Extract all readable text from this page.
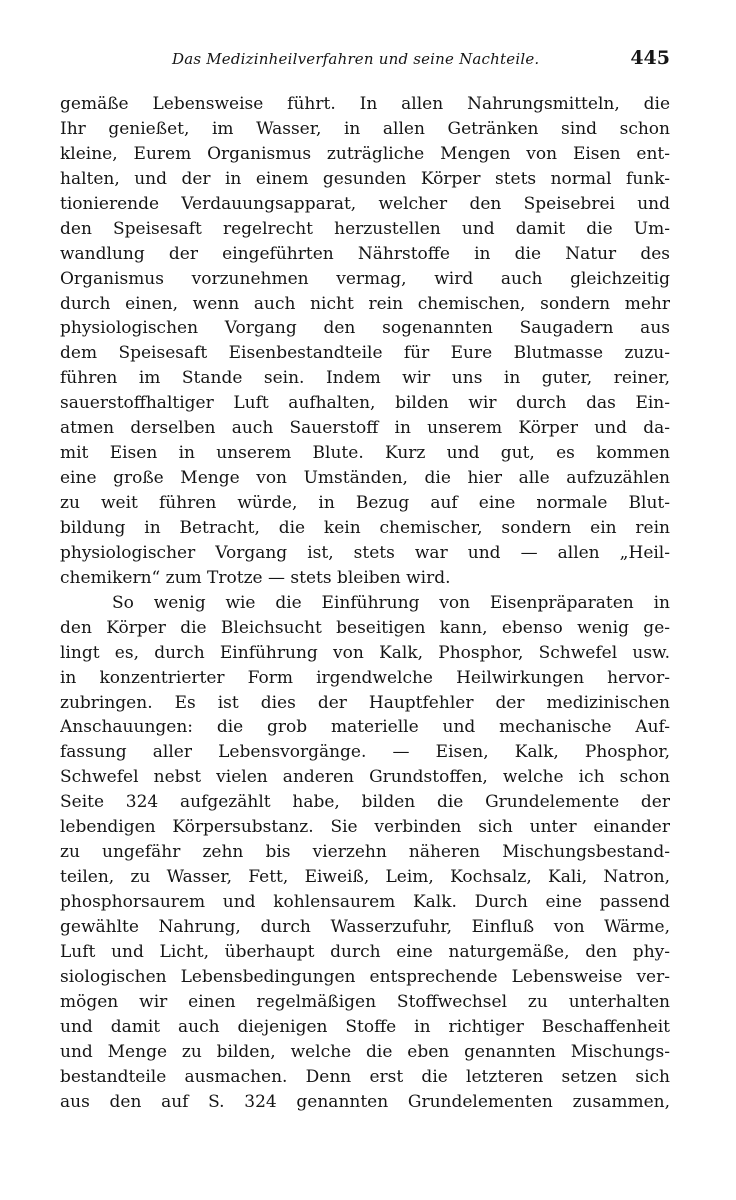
Das Medizinheilverfahren und seine Nachteile.	445
gemäße Lebensweise führt. In allen Nahrungsmitteln, die
Ihr genießet, im Wasser, in allen Getränken sind schon
kleine, Eurem Organismus zuträgliche Mengen von Eisen ent-
halten, und der in einem gesunden Körper stets normal funk-
tionierende Verdauungsapparat, welcher den Speisebrei und
den Speisesaft regelrecht herzustellen und damit die Um-
wandlung der eingeführten Nährstoffe in die Natur des
Organismus vorzunehmen vermag, wird auch gleichzeitig
durch einen, wenn auch nicht rein chemischen, sondern mehr
physiologischen Vorgang den sogenannten Saugadern aus
dem Speisesaft Eisenbestandteile für Eure Blutmasse zuzu-
führen im Stande sein. Indem wir uns in guter, reiner,
sauerstoffhaltiger Luft aufhalten, bilden wir durch das Ein-
atmen derselben auch Sauerstoff in unserem Körper und da-
mit Eisen in unserem Blute. Kurz und gut, es kommen
eine große Menge von Umständen, die hier alle aufzuzählen
zu weit führen würde, in Bezug auf eine normale Blut-
bildung in Betracht, die kein chemischer, sondern ein rein
physiologischer Vorgang ist, stets war und — allen „Heil-
chemikern“ zum Trotze — stets bleiben wird.
So wenig wie die Einführung von Eisenpräparaten in
den Körper die Bleichsucht beseitigen kann, ebenso wenig ge-
lingt es, durch Einführung von Kalk, Phosphor, Schwefel usw.
in konzentrierter Form irgendwelche Heilwirkungen hervor-
zubringen. Es ist dies der Hauptfehler der medizinischen
Anschauungen: die grob materielle und mechanische Auf-
fassung aller Lebensvorgänge. — Eisen, Kalk, Phosphor,
Schwefel nebst vielen anderen Grundstoffen, welche ich schon
Seite 324 aufgezählt habe, bilden die Grundelemente der
lebendigen Körpersubstanz. Sie verbinden sich unter einander
zu ungefähr zehn bis vierzehn näheren Mischungsbestand-
teilen, zu Wasser, Fett, Eiweiß, Leim, Kochsalz, Kali, Natron,
phosphorsaurem und kohlensaurem Kalk. Durch eine passend
gewählte Nahrung, durch Wasserzufuhr, Einfluß von Wärme,
Luft und Licht, überhaupt durch eine naturgemäße, den phy-
siologischen Lebensbedingungen entsprechende Lebensweise ver-
mögen wir einen regelmäßigen Stoffwechsel zu unterhalten
und damit auch diejenigen Stoffe in richtiger Beschaffenheit
und Menge zu bilden, welche die eben genannten Mischungs-
bestandteile ausmachen. Denn erst die letzteren setzen sich
aus den auf S. 324 genannten Grundelementen zusammen,
